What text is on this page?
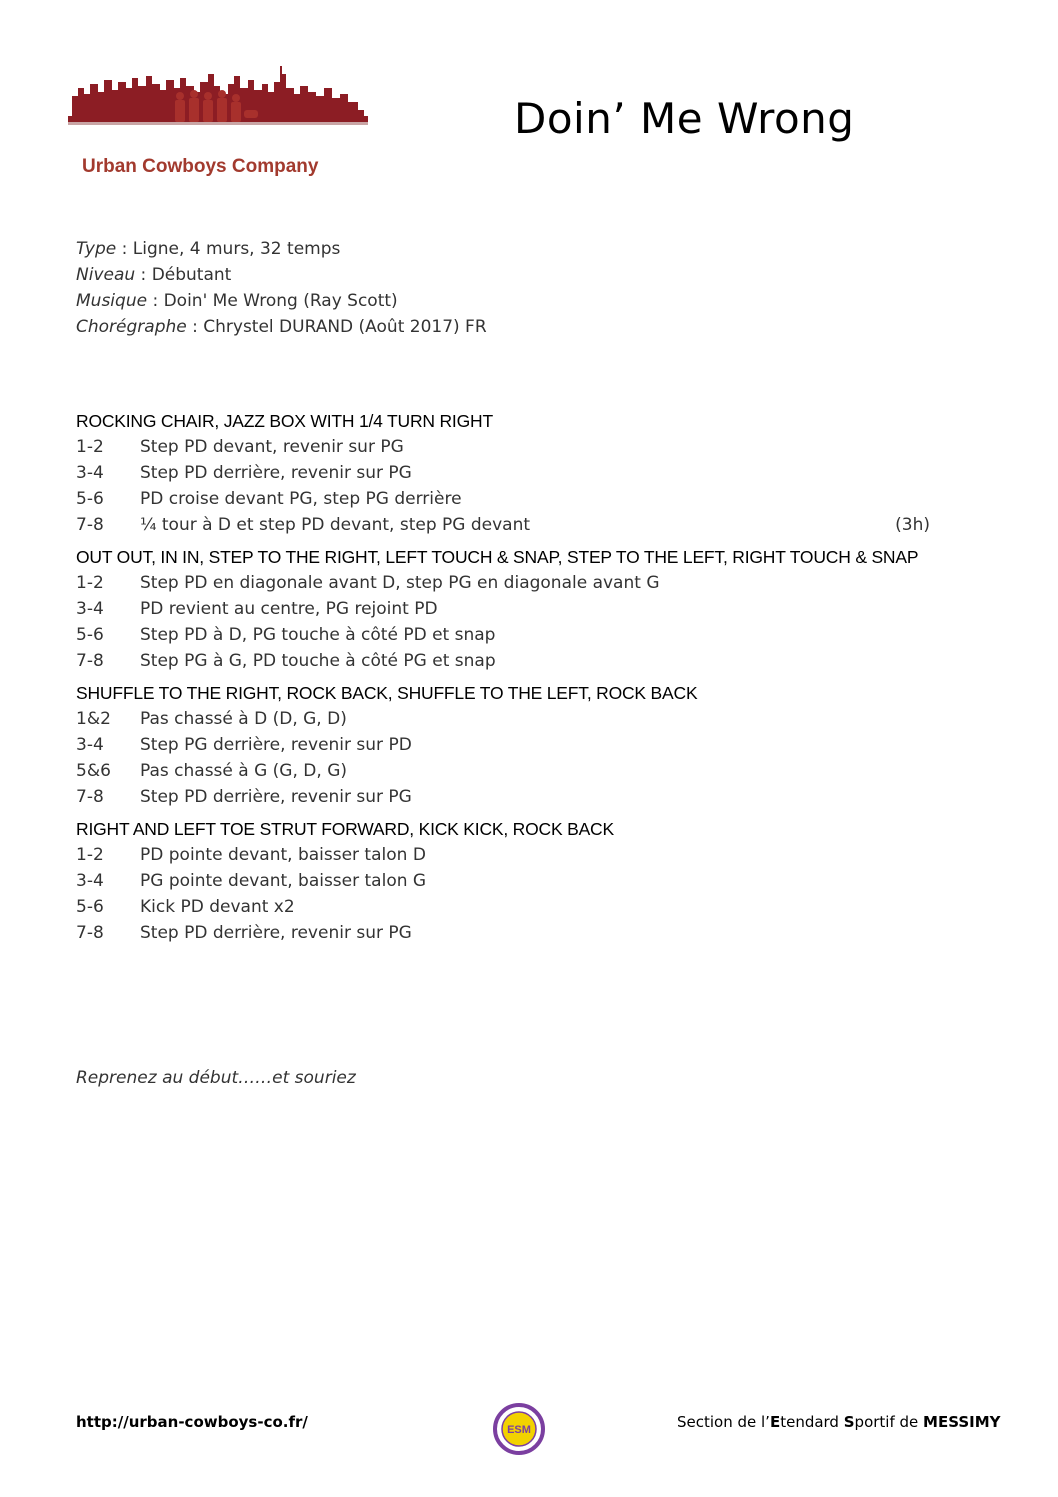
Urban Cowboys Company
Doin’ Me Wrong
Type : Ligne, 4 murs, 32 temps
Niveau : Débutant
Musique : Doin' Me Wrong (Ray Scott)
Chorégraphe : Chrystel DURAND (Août 2017) FR
ROCKING CHAIR, JAZZ BOX WITH 1/4 TURN RIGHT
1-2	Step PD devant, revenir sur PG
3-4	Step PD derrière, revenir sur PG
5-6	PD croise devant PG, step PG derrière
7-8	¼ tour à D et step PD devant, step PG devant	(3h)
OUT OUT, IN IN, STEP TO THE RIGHT, LEFT TOUCH & SNAP, STEP TO THE LEFT, RIGHT TOUCH & SNAP
1-2	Step PD en diagonale avant D, step PG en diagonale avant G
3-4	PD revient au centre, PG rejoint PD
5-6	Step PD à D, PG touche à côté PD et snap
7-8	Step PG à G, PD touche à côté PG et snap
SHUFFLE TO THE RIGHT, ROCK BACK, SHUFFLE TO THE LEFT, ROCK BACK
1&2	Pas chassé à D (D, G, D)
3-4	Step PG derrière, revenir sur PD
5&6	Pas chassé à G (G, D, G)
7-8	Step PD derrière, revenir sur PG
RIGHT AND LEFT TOE STRUT FORWARD, KICK KICK, ROCK BACK
1-2	PD pointe devant, baisser talon D
3-4	PG pointe devant, baisser talon G
5-6	Kick PD devant x2
7-8	Step PD derrière, revenir sur PG
Reprenez au début……et souriez
http://urban-cowboys-co.fr/	ESM	Section de l’Etendard Sportif de MESSIMY
